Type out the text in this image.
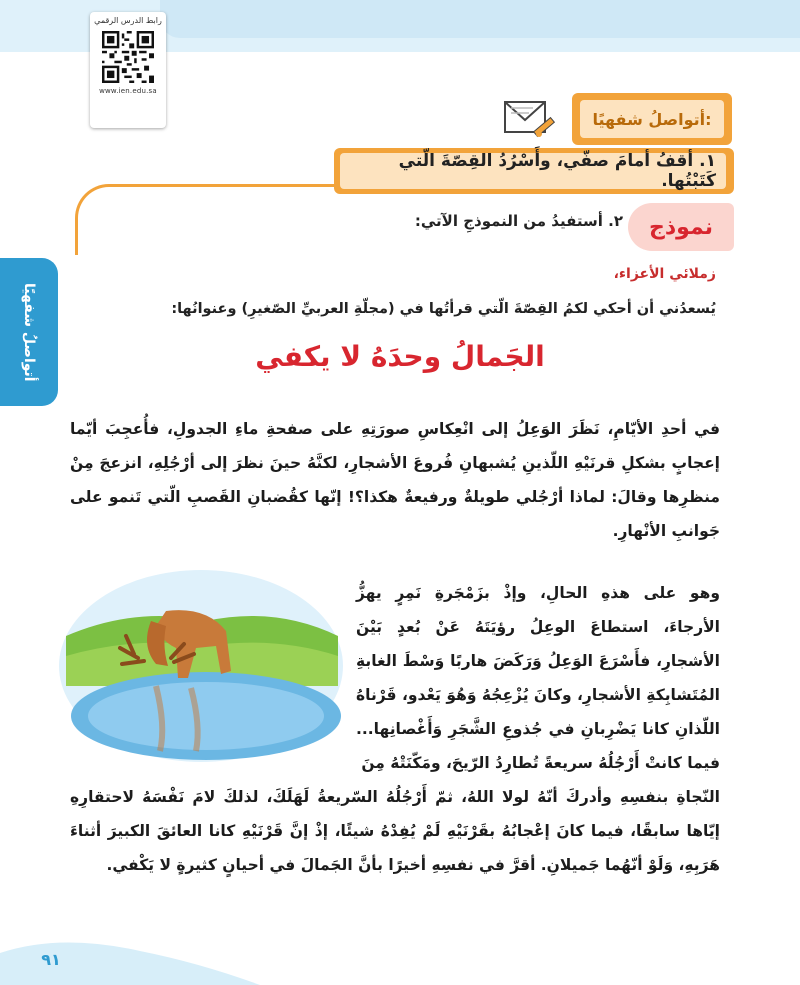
رابط الدرس الرقمي
www.ien.edu.sa
أتواصلُ شفهيًا
أتواصلُ شفهيًا:
١. أقفُ أمامَ صفّي، وأَسْرُدُ القِصّةَ الّتي كَتَبْتُها.
٢. أستفيدُ من النموذجِ الآتي:	نموذج
زملائي الأعزاء،
يُسعدُني أن أحكي لكمُ القِصّةَ الّتي قرأتُها في (مجلّةِ العربيِّ الصّغيرِ) وعنوانُها:
الجَمالُ وحدَهُ لا يكفي
في أحدِ الأيّامِ، نَظَرَ الوَعِلُ إلى انْعِكاسِ صورَتِهِ على صفحةِ ماءِ الجدولِ، فأُعجِبَ أيّما إعجابٍ بشكلِ قرنَيْهِ اللّذينِ يُشبهانِ فُروعَ الأشجارِ، لكنَّهُ حينَ نظرَ إلى أرْجُلِهِ، انزعجَ مِنْ منظرِها وقالَ: لماذا أرْجُلي طويلةٌ ورفيعةٌ هكذا؟! إنّها كقُضبانِ القَصبِ الّتي تَنمو على جَوانبِ الأنْهارِ.
وهو على هذهِ الحالِ، وإذْ بزَمْجَرةِ نَمِرٍ يهزُّ الأرجاءَ، استطاعَ الوعِلُ رؤيَتَهُ عَنْ بُعدٍ بَيْنَ الأشجارِ، فأَسْرَعَ الوَعِلُ وَرَكَضَ هاربًا وَسْطَ الغابةِ المُتَشابِكةِ الأشجارِ، وكانَ يُزْعِجُهُ وَهُوَ يَعْدو، قَرْناهُ اللّذانِ كانا يَضْرِبانِ في جُذوعِ الشَّجَرِ وَأَغْصانِها... فيما كانتْ أَرْجُلُهُ سريعةً تُطارِدُ الرّيحَ، ومَكّنَتْهُ مِنَ
النّجاةِ بنفسِهِ وأدركَ أنّهُ لولا اللهُ، ثمّ أَرْجُلُهُ السّريعةُ لَهَلَكَ، لذلكَ لامَ نَفْسَهُ لاحتقارِهِ إيّاها سابقًا، فيما كانَ إعْجابُهُ بقَرْنَيْهِ لَمْ يُفِدْهُ شيئًا، إذْ إنَّ قَرْنَيْهِ كانا العائقَ الكبيرَ أثناءَ هَرَبِهِ، وَلَوْ أنّهُما جَميلانِ. أقرَّ في نفسِهِ أخيرًا بأنَّ الجَمالَ في أحيانٍ كثيرةٍ لا يَكْفي.
٩١
